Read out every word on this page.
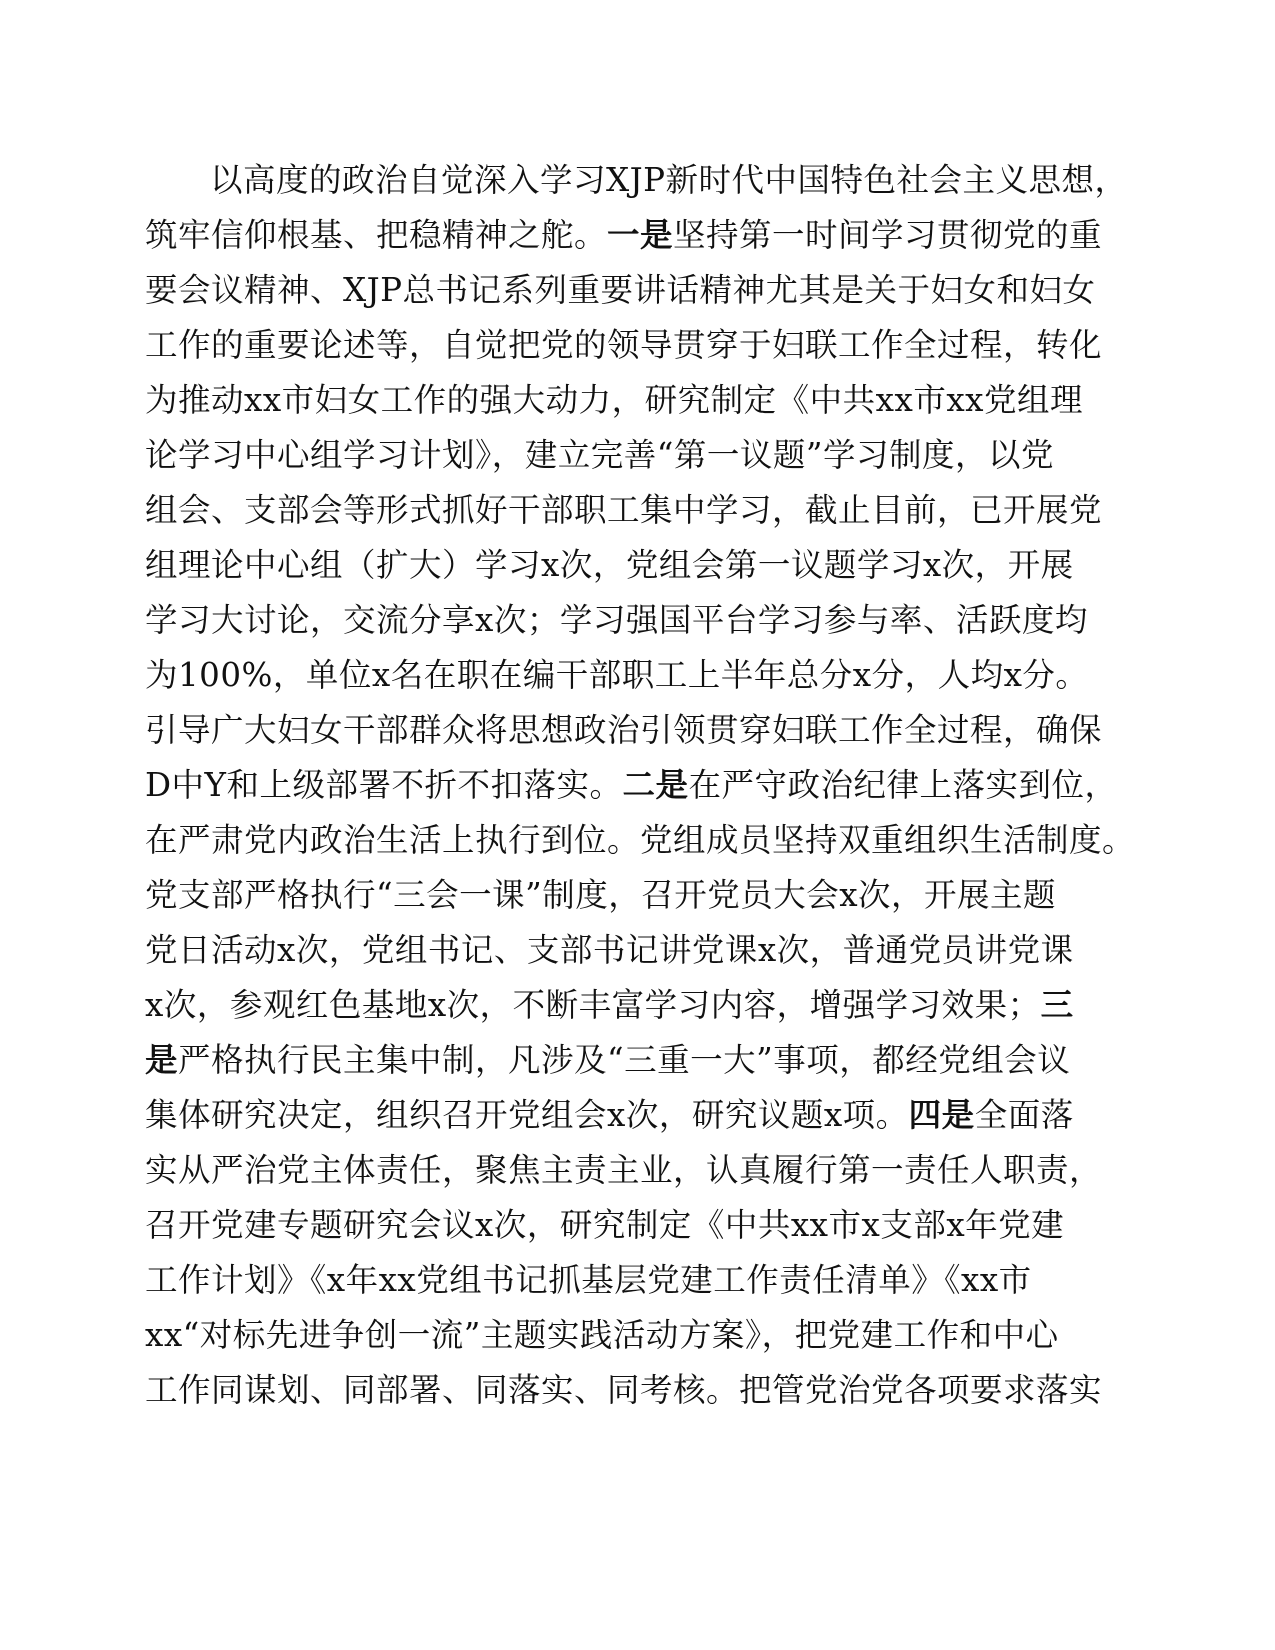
以高度的政治自觉深入学习XJP新时代中国特色社会主义思想，
筑牢信仰根基、把稳精神之舵。一是坚持第一时间学习贯彻党的重
要会议精神、XJP总书记系列重要讲话精神尤其是关于妇女和妇女
工作的重要论述等，自觉把党的领导贯穿于妇联工作全过程，转化
为推动xx市妇女工作的强大动力，研究制定《中共xx市xx党组理
论学习中心组学习计划》，建立完善“第一议题”学习制度，以党
组会、支部会等形式抓好干部职工集中学习，截止目前，已开展党
组理论中心组（扩大）学习x次，党组会第一议题学习x次，开展
学习大讨论，交流分享x次；学习强国平台学习参与率、活跃度均
为100%，单位x名在职在编干部职工上半年总分x分，人均x分。
引导广大妇女干部群众将思想政治引领贯穿妇联工作全过程，确保
D中Y和上级部署不折不扣落实。二是在严守政治纪律上落实到位，
在严肃党内政治生活上执行到位。党组成员坚持双重组织生活制度。
党支部严格执行“三会一课”制度，召开党员大会x次，开展主题
党日活动x次，党组书记、支部书记讲党课x次，普通党员讲党课
x次，参观红色基地x次，不断丰富学习内容，增强学习效果；三
是严格执行民主集中制，凡涉及“三重一大”事项，都经党组会议
集体研究决定，组织召开党组会x次，研究议题x项。四是全面落
实从严治党主体责任，聚焦主责主业，认真履行第一责任人职责，
召开党建专题研究会议x次，研究制定《中共xx市x支部x年党建
工作计划》《x年xx党组书记抓基层党建工作责任清单》《xx市
xx“对标先进争创一流”主题实践活动方案》，把党建工作和中心
工作同谋划、同部署、同落实、同考核。把管党治党各项要求落实
